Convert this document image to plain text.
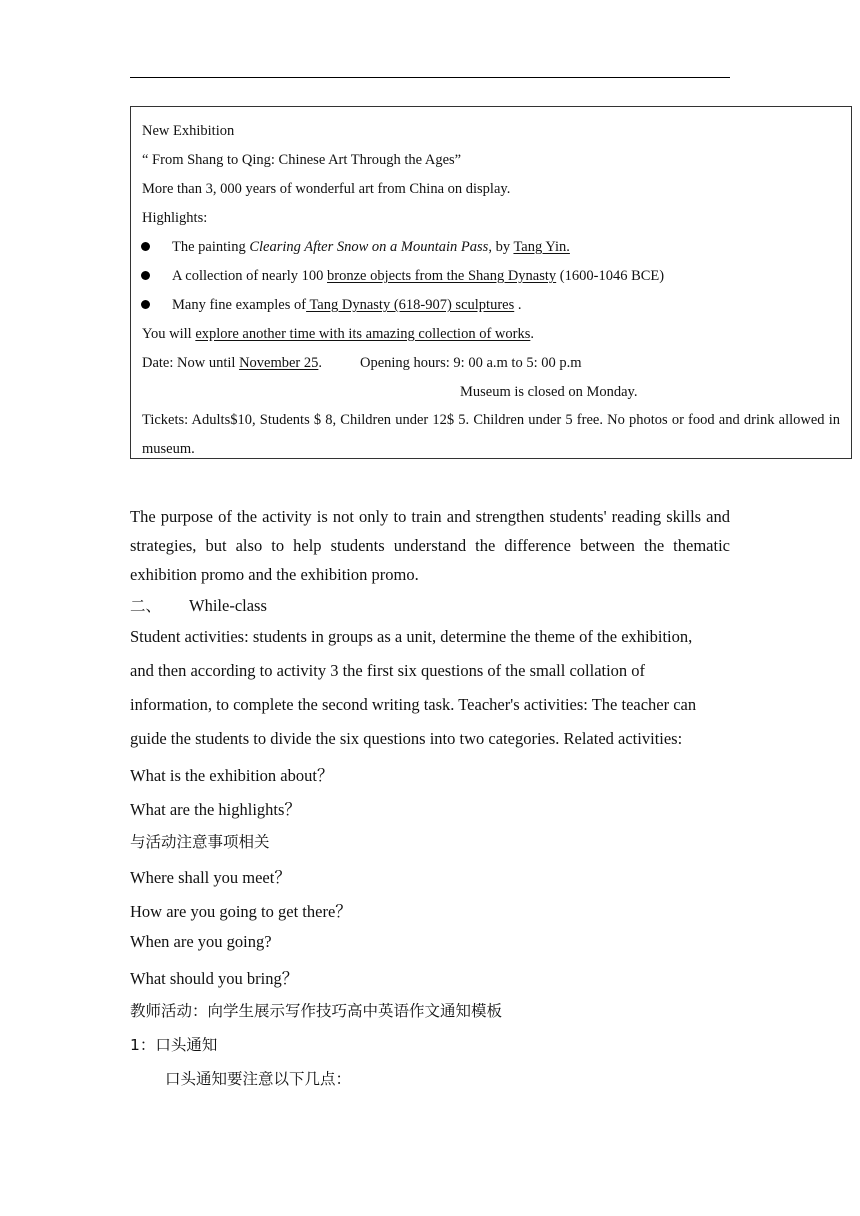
New Exhibition
“ From Shang to Qing: Chinese Art Through the Ages”
More than 3, 000 years of wonderful art from China on display.
Highlights:
The painting Clearing After Snow on a Mountain Pass, by Tang Yin.
A collection of nearly 100 bronze objects from the Shang Dynasty (1600-1046 BCE)
Many fine examples of Tang Dynasty (618-907) sculptures .
You will explore another time with its amazing collection of works.
Date: Now until November 25.	Opening hours: 9: 00 a.m to 5: 00 p.m
Museum is closed on Monday.
Tickets: Adults$10, Students $ 8, Children under 12$ 5. Children under 5 free. No photos or food and drink allowed in museum.
The purpose of the activity is not only to train and strengthen students' reading skills and strategies, but also to help students understand the difference between the thematic exhibition promo and the exhibition promo.
二、 While-class
Student activities: students in groups as a unit, determine the theme of the exhibition,
and then according to activity 3 the first six questions of the small collation of
information, to complete the second writing task. Teacher's activities: The teacher can
guide the students to divide the six questions into two categories. Related activities:
What is the exhibition about？
What are the highlights？
与活动注意事项相关
Where shall you meet？
How are you going to get there？
When are you going?
What should you bring？
教师活动：向学生展示写作技巧高中英语作文通知模板
1：口头通知
口头通知要注意以下几点：
